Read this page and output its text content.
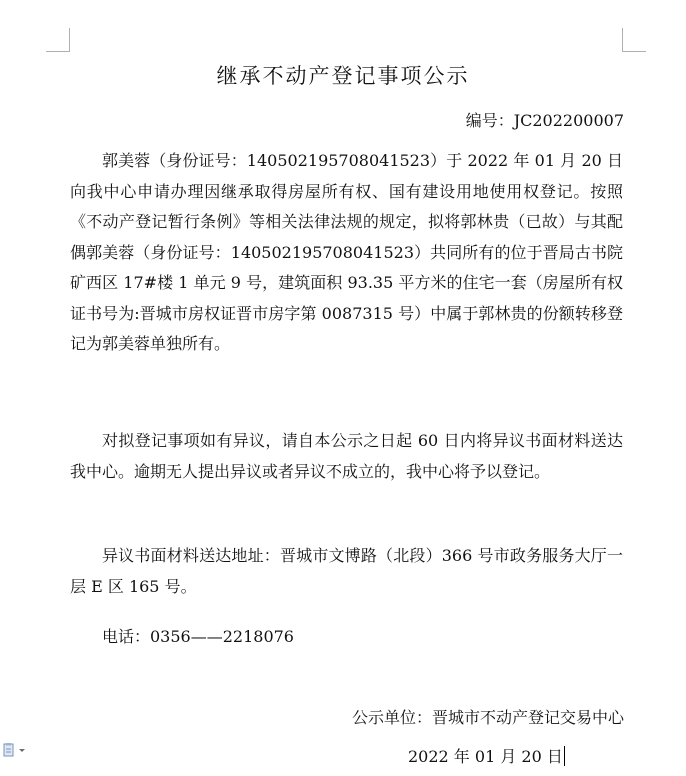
继承不动产登记事项公示
编号：JC202200007

郭美蓉（身份证号：140502195708041523）于 2022 年 01 月 20 日向我中心申请办理因继承取得房屋所有权、国有建设用地使用权登记。按照《不动产登记暂行条例》等相关法律法规的规定，拟将郭林贵（已故）与其配偶郭美蓉（身份证号：140502195708041523）共同所有的位于晋局古书院矿西区 17#楼 1 单元 9 号，建筑面积 93.35 平方米的住宅一套（房屋所有权证书号为:晋城市房权证晋市房字第 0087315 号）中属于郭林贵的份额转移登记为郭美蓉单独所有。

对拟登记事项如有异议，请自本公示之日起 60 日内将异议书面材料送达我中心。逾期无人提出异议或者异议不成立的，我中心将予以登记。

异议书面材料送达地址：晋城市文博路（北段）366 号市政务服务大厅一层 E 区 165 号。

电话：0356——2218076

公示单位：晋城市不动产登记交易中心
2022 年 01 月 20 日
